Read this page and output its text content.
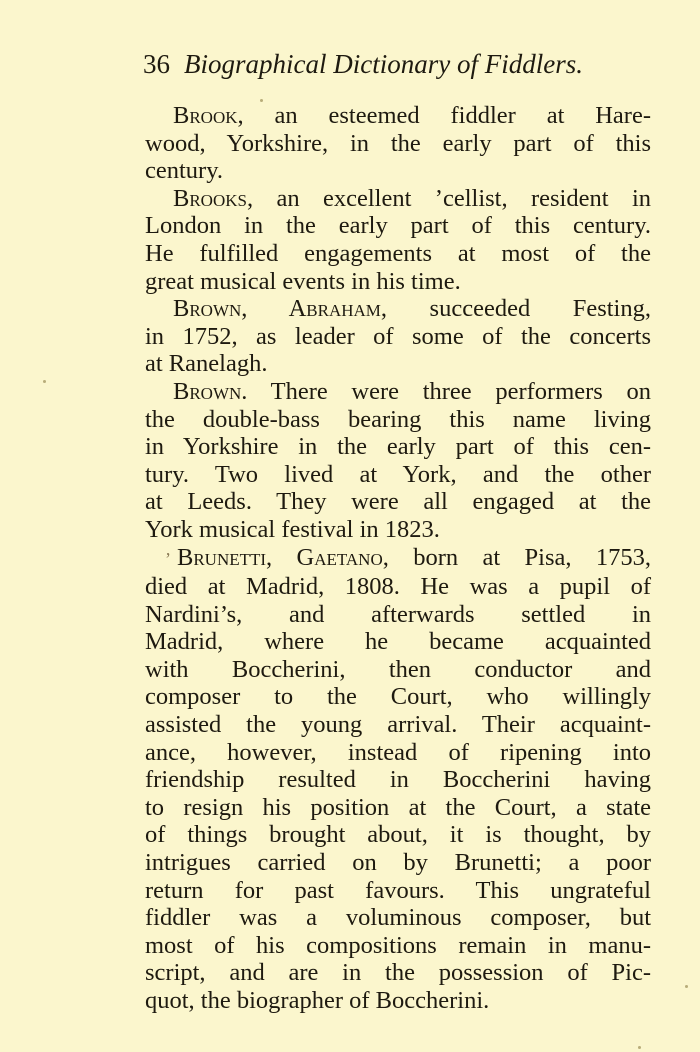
36 Biographical Dictionary of Fiddlers.
Brook, an esteemed fiddler at Hare-
wood, Yorkshire, in the early part of this
century.
Brooks, an excellent ’cellist, resident in
London in the early part of this century.
He fulfilled engagements at most of the
great musical events in his time.
Brown, Abraham, succeeded Festing,
in 1752, as leader of some of the concerts
at Ranelagh.
Brown. There were three performers on
the double-bass bearing this name living
in Yorkshire in the early part of this cen-
tury. Two lived at York, and the other
at Leeds. They were all engaged at the
York musical festival in 1823.
ʼ Brunetti, Gaetano, born at Pisa, 1753,
died at Madrid, 1808. He was a pupil of
Nardini’s, and afterwards settled in
Madrid, where he became acquainted
with Boccherini, then conductor and
composer to the Court, who willingly
assisted the young arrival. Their acquaint-
ance, however, instead of ripening into
friendship resulted in Boccherini having
to resign his position at the Court, a state
of things brought about, it is thought, by
intrigues carried on by Brunetti; a poor
return for past favours. This ungrateful
fiddler was a voluminous composer, but
most of his compositions remain in manu-
script, and are in the possession of Pic-
quot, the biographer of Boccherini.
